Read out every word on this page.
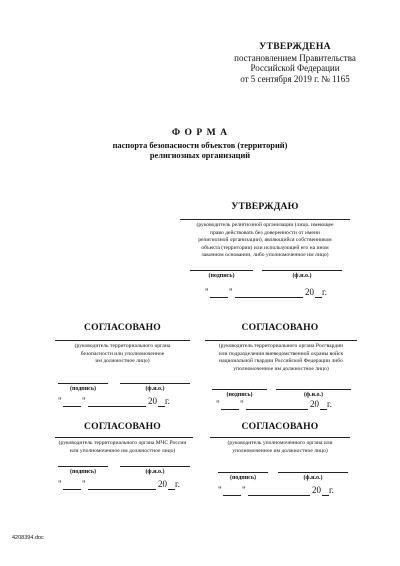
УТВЕРЖДЕНА
постановлением Правительства
Российской Федерации
от 5 сентября 2019 г. № 1165
Ф О Р М А
паспорта безопасности объектов (территорий)
религиозных организаций
УТВЕРЖДАЮ
(руководитель религиозной организации (лицо, имеющее
право действовать без доверенности от имени
религиозной организации), являющийся собственником
объекта (территории) или использующей его на ином
законном основании, либо уполномоченное им лицо)
(подпись)	(ф.и.о.)
" "	20 г.
СОГЛАСОВАНО
(руководитель территориального органа
безопасности или уполномоченное
им должностное лицо)
(подпись)	(ф.и.о.)
" "	20 г.
СОГЛАСОВАНО
(руководитель территориального органа Росгвардии
или подразделения вневедомственной охраны войск
национальной гвардии Российской Федерации либо
уполномоченное им должностное лицо)
(подпись)	(ф.и.о.)
" "	20 г.
СОГЛАСОВАНО
(руководитель территориального органа МЧС России
или уполномоченное им должностное лицо)
(подпись)	(ф.и.о.)
" "	20 г.
СОГЛАСОВАНО
(руководитель уполномоченного органа или
уполномоченное им должностное лицо)
(подпись)	(ф.и.о.)
" "	20 г.
4208394.doc
